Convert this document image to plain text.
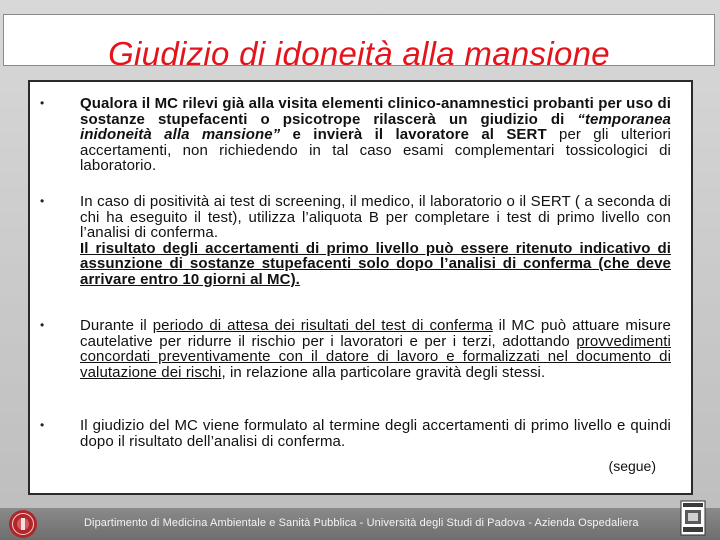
Giudizio di idoneità alla mansione
• Qualora il MC rilevi già alla visita elementi clinico-anamnestici probanti per uso di sostanze stupefacenti o psicotrope rilascerà un giudizio di “temporanea inidoneità alla mansione” e invierà il lavoratore al SERT per gli ulteriori accertamenti, non richiedendo in tal caso esami complementari tossicologici di laboratorio.
• In caso di positività ai test di screening, il medico, il laboratorio o il SERT ( a seconda di chi ha eseguito il test), utilizza l’aliquota B per completare i test di primo livello con l’analisi di conferma.
Il risultato degli accertamenti di primo livello può essere ritenuto indicativo di assunzione di sostanze stupefacenti solo dopo l’analisi di conferma (che deve arrivare entro 10 giorni al MC).
• Durante il periodo di attesa dei risultati del test di conferma il MC può attuare misure cautelative per ridurre il rischio per i lavoratori e per i terzi, adottando provvedimenti concordati preventivamente con il datore di lavoro e formalizzati nel documento di valutazione dei rischi, in relazione alla particolare gravità degli stessi.
• Il giudizio del MC viene formulato al termine degli accertamenti di primo livello e quindi dopo il risultato dell’analisi di conferma.
(segue)
Dipartimento di Medicina Ambientale e Sanità Pubblica - Università degli Studi di Padova - Azienda Ospedaliera
